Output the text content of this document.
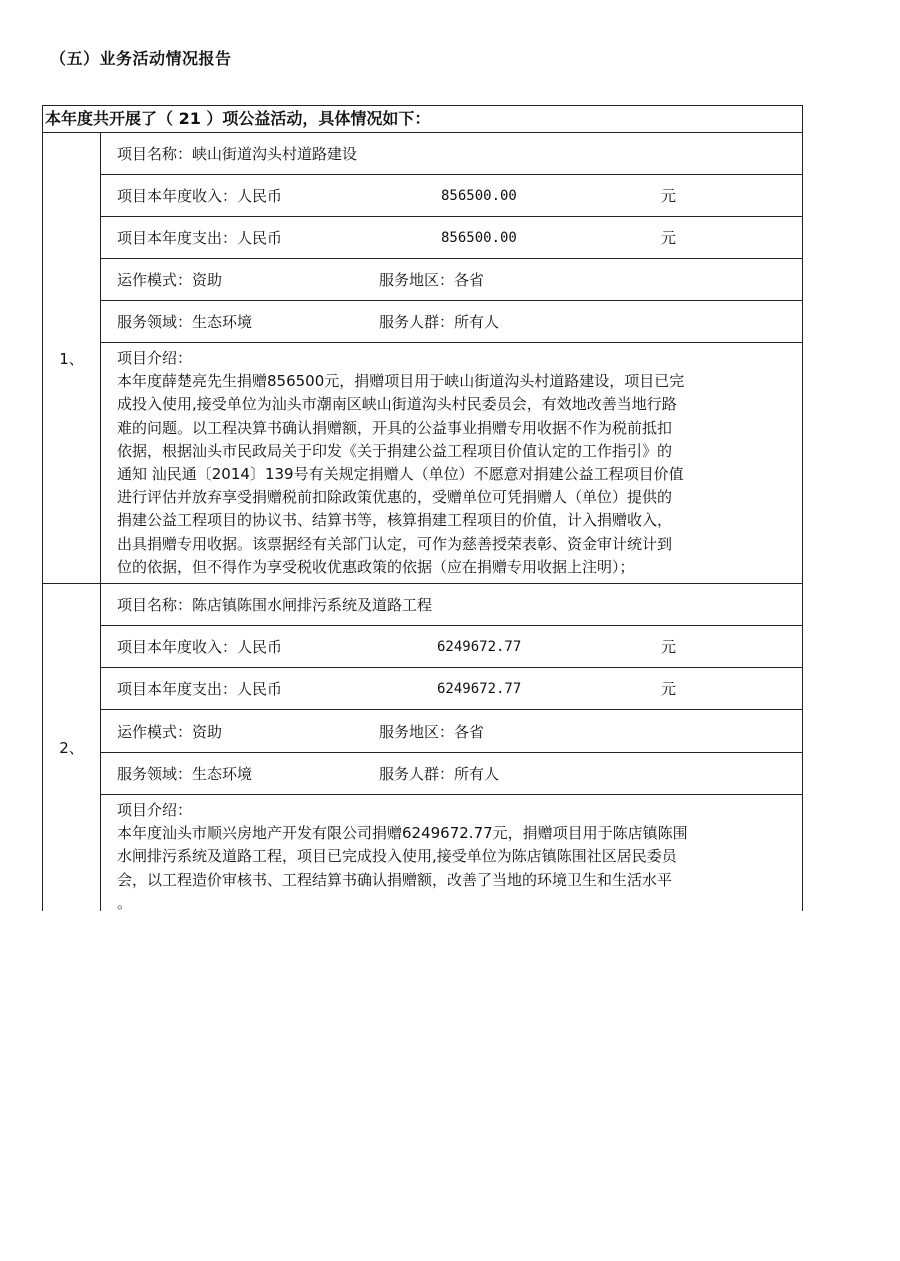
（五）业务活动情况报告
本年度共开展了（ 21 ）项公益活动，具体情况如下：
1、
项目名称：峡山街道沟头村道路建设
项目本年度收入：人民币	856500.00	元
项目本年度支出：人民币	856500.00	元
运作模式：资助	服务地区：各省
服务领域：生态环境	服务人群：所有人
项目介绍：
本年度薛楚亮先生捐赠856500元，捐赠项目用于峡山街道沟头村道路建设，项目已完
成投入使用,接受单位为汕头市潮南区峡山街道沟头村民委员会，有效地改善当地行路
难的问题。以工程决算书确认捐赠额，开具的公益事业捐赠专用收据不作为税前抵扣
依据，根据汕头市民政局关于印发《关于捐建公益工程项目价值认定的工作指引》的
通知 汕民通〔2014〕139号有关规定捐赠人（单位）不愿意对捐建公益工程项目价值
进行评估并放弃享受捐赠税前扣除政策优惠的，受赠单位可凭捐赠人（单位）提供的
捐建公益工程项目的协议书、结算书等，核算捐建工程项目的价值，计入捐赠收入，
出具捐赠专用收据。该票据经有关部门认定，可作为慈善授荣表彰、资金审计统计到
位的依据，但不得作为享受税收优惠政策的依据（应在捐赠专用收据上注明）；
2、
项目名称：陈店镇陈围水闸排污系统及道路工程
项目本年度收入：人民币	6249672.77	元
项目本年度支出：人民币	6249672.77	元
运作模式：资助	服务地区：各省
服务领域：生态环境	服务人群：所有人
项目介绍：
本年度汕头市顺兴房地产开发有限公司捐赠6249672.77元，捐赠项目用于陈店镇陈围
水闸排污系统及道路工程，项目已完成投入使用,接受单位为陈店镇陈围社区居民委员
会，以工程造价审核书、工程结算书确认捐赠额，改善了当地的环境卫生和生活水平
。
